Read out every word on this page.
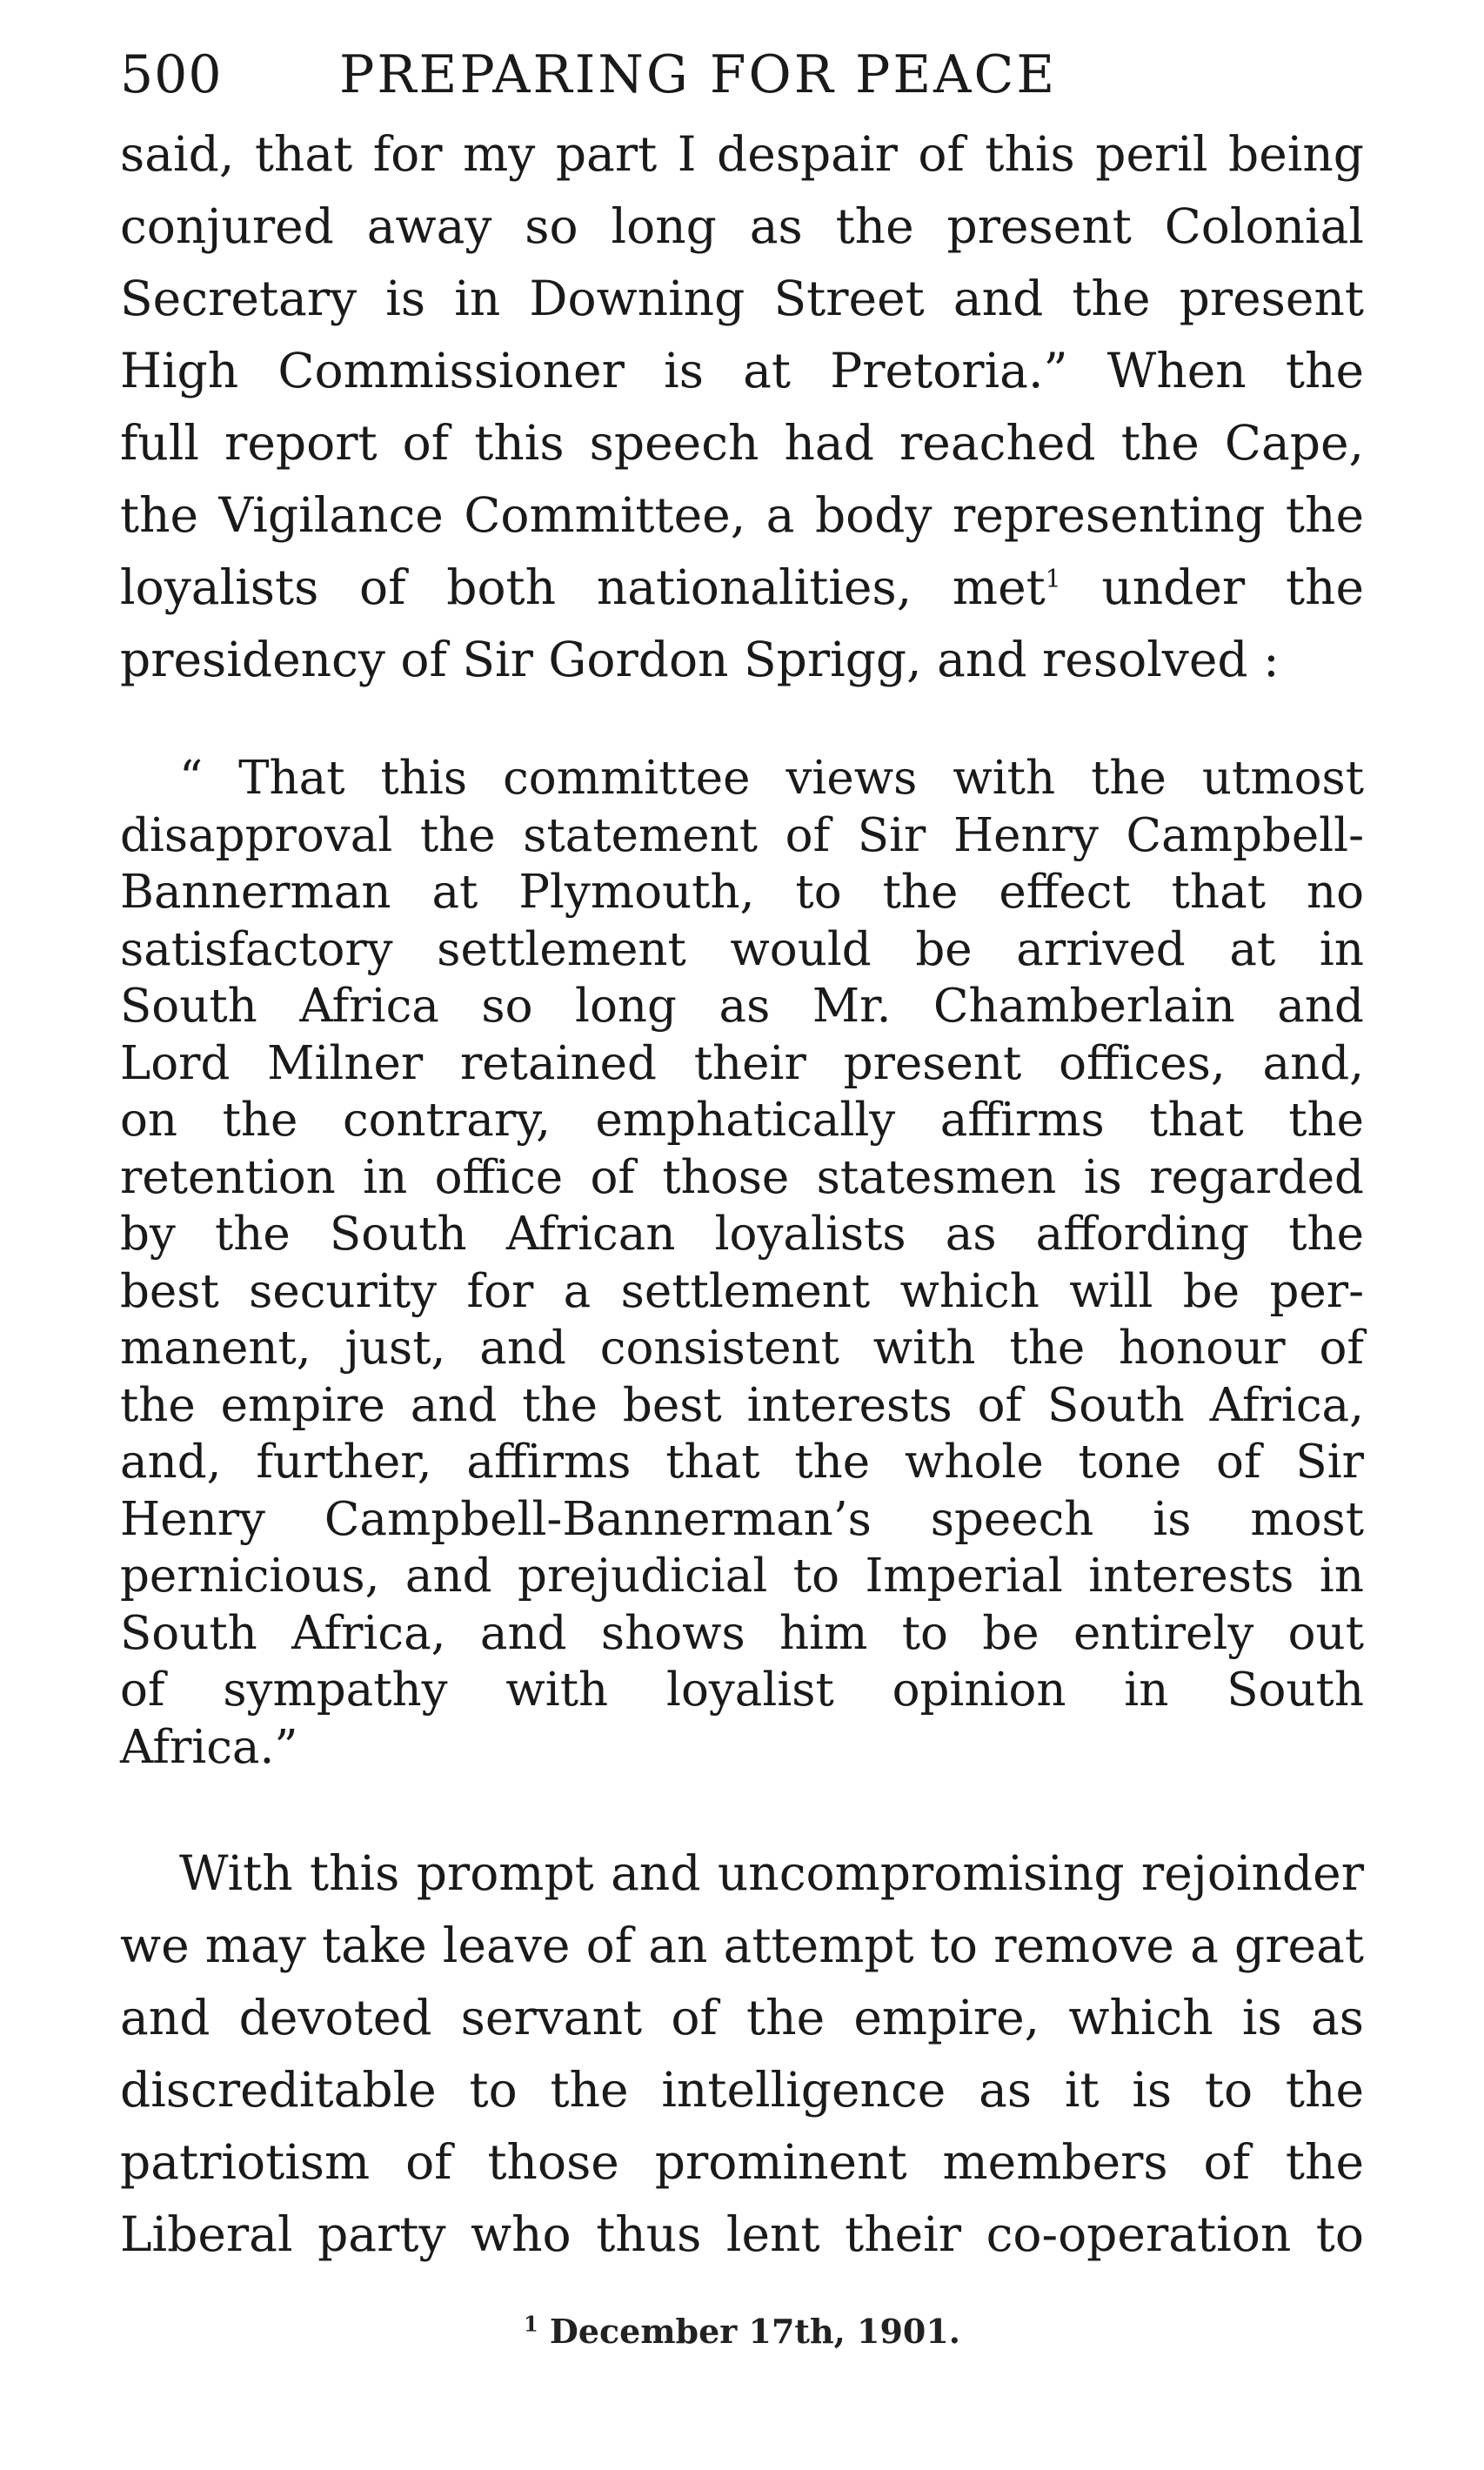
500 PREPARING FOR PEACE
said, that for my part I despair of this peril being
conjured away so long as the present Colonial
Secretary is in Downing Street and the present
High Commissioner is at Pretoria.” When the
full report of this speech had reached the Cape,
the Vigilance Committee, a body representing the
loyalists of both nationalities, met$^1$ under the
presidency of Sir Gordon Sprigg, and resolved :
“ That this committee views with the utmost
disapproval the statement of Sir Henry Campbell-
Bannerman at Plymouth, to the effect that no
satisfactory settlement would be arrived at in
South Africa so long as Mr. Chamberlain and
Lord Milner retained their present offices, and,
on the contrary, emphatically affirms that the
retention in office of those statesmen is regarded
by the South African loyalists as affording the
best security for a settlement which will be per-
manent, just, and consistent with the honour of
the empire and the best interests of South Africa,
and, further, affirms that the whole tone of Sir
Henry Campbell-Bannerman’s speech is most
pernicious, and prejudicial to Imperial interests in
South Africa, and shows him to be entirely out
of sympathy with loyalist opinion in South
Africa.”
With this prompt and uncompromising rejoinder
we may take leave of an attempt to remove a great
and devoted servant of the empire, which is as
discreditable to the intelligence as it is to the
patriotism of those prominent members of the
Liberal party who thus lent their co-operation to
$^1$ December 17th, 1901.
